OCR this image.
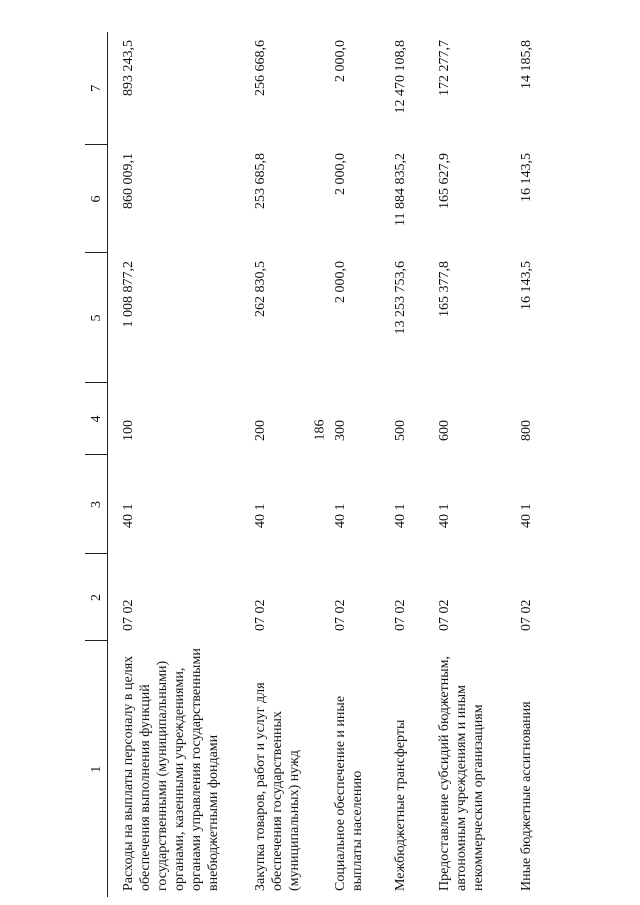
186
1	2	3	4	5	6	7
Расходы на выплаты персоналу в целях обеспечения выполнения функций государственными (муниципальными) органами, казенными учреждениями, органами управления государственными внебюджетными фондами	07 02	40 1	100	1 008 877,2	860 009,1	893 243,5
Закупка товаров, работ и услуг для обеспечения государственных (муниципальных) нужд	07 02	40 1	200	262 830,5	253 685,8	256 668,6
Социальное обеспечение и иные выплаты населению	07 02	40 1	300	2 000,0	2 000,0	2 000,0
Межбюджетные трансферты	07 02	40 1	500	13 253 753,6	11 884 835,2	12 470 108,8
Предоставление субсидий бюджетным, автономным учреждениям и иным некоммерческим организациям	07 02	40 1	600	165 377,8	165 627,9	172 277,7
Иные бюджетные ассигнования	07 02	40 1	800	16 143,5	16 143,5	14 185,8
